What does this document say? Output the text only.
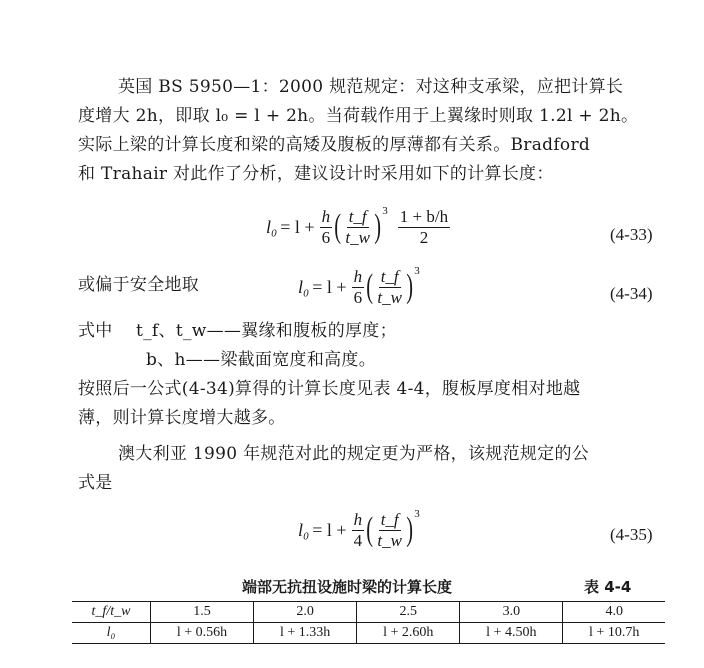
英国 BS 5950—1：2000 规范规定：对这种支承梁，应把计算长
度增大 2h，即取 l₀ = l + 2h。当荷载作用于上翼缘时则取 1.2l + 2h。
实际上梁的计算长度和梁的高矮及腹板的厚薄都有关系。Bradford
和 Trahair 对此作了分析，建议设计时采用如下的计算长度：
$l_0 = l + \frac{h}{6}$ ( $\frac{t\_f}{t\_w}$ ) $3 \frac{1 + b/h}{2}$	(4-33)
或偏于安全地取	$l_0 = l + \frac{h}{6}$ ( $\frac{t\_f}{t\_w}$ ) 3
(4-34)
式中 t_f、t_w——翼缘和腹板的厚度；
b、h——梁截面宽度和高度。
按照后一公式(4-34)算得的计算长度见表 4-4，腹板厚度相对地越
薄，则计算长度增大越多。
澳大利亚 1990 年规范对此的规定更为严格，该规范规定的公
式是
$l_0 = l + \frac{h}{4}$ ( $\frac{t\_f}{t\_w}$ ) 3
(4-35)
端部无抗扭设施时梁的计算长度	表 4-4
t_f/t_w	1.5	2.0	2.5	3.0	4.0
l₀	l + 0.56h	l + 1.33h	l + 2.60h	l + 4.50h	l + 10.7h
